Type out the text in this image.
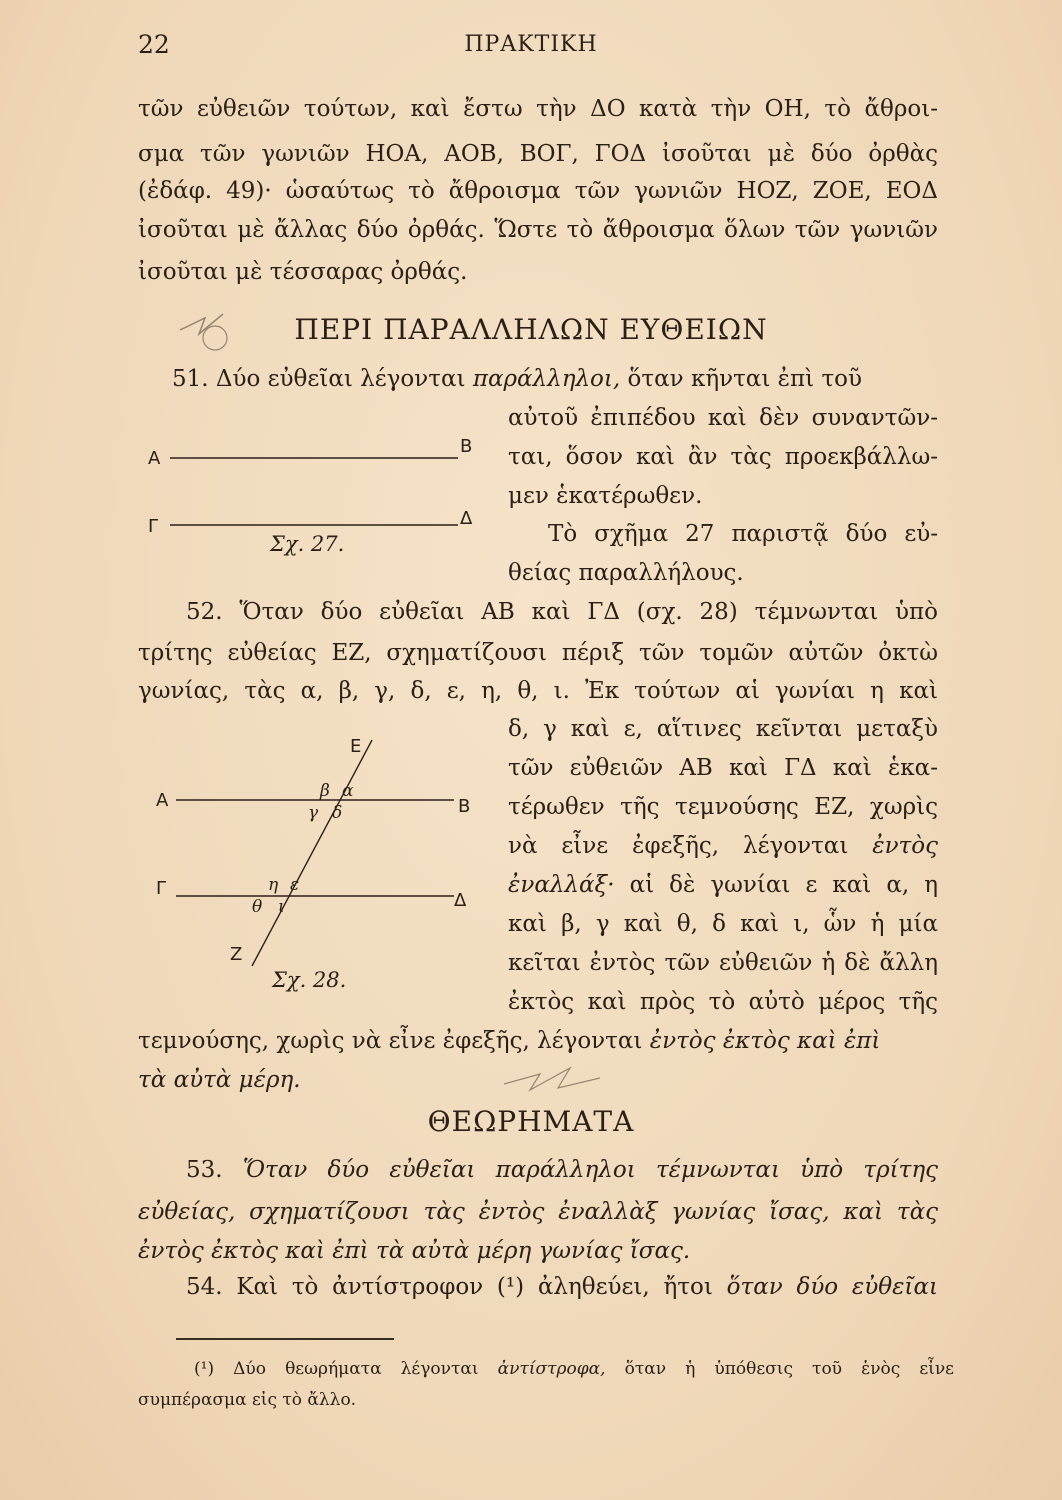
22	ΠΡΑΚΤΙΚΗ
τῶν εὐθειῶν τούτων, καὶ ἔστω τὴν ΔΟ κατὰ τὴν ΟΗ, τὸ ἄθροι-
σμα τῶν γωνιῶν ΗΟΑ, ΑΟΒ, ΒΟΓ, ΓΟΔ ἰσοῦται μὲ δύο ὀρθὰς
(ἐδάφ. 49)· ὡσαύτως τὸ ἄθροισμα τῶν γωνιῶν ΗΟΖ, ΖΟΕ, ΕΟΔ
ἰσοῦται μὲ ἄλλας δύο ὀρθάς. Ὥστε τὸ ἄθροισμα ὅλων τῶν γωνιῶν
ἰσοῦται μὲ τέσσαρας ὀρθάς.
ΠΕΡΙ ΠΑΡΑΛΛΗΛΩΝ ΕΥΘΕΙΩΝ
51. Δύο εὐθεῖαι λέγονται παράλληλοι, ὅταν κῆνται ἐπὶ τοῦ
αὐτοῦ ἐπιπέδου καὶ δὲν συναντῶν-
ται, ὅσον καὶ ἂν τὰς προεκβάλλω-
μεν ἑκατέρωθεν.
Τὸ σχῆμα 27 παριστᾷ δύο εὐ-
θείας παραλλήλους.
Α
Β
Γ	Δ
Σχ. 27.
52. Ὅταν δύο εὐθεῖαι ΑΒ καὶ ΓΔ (σχ. 28) τέμνωνται ὑπὸ
τρίτης εὐθείας ΕΖ, σχηματίζουσι πέριξ τῶν τομῶν αὐτῶν ὀκτὼ
γωνίας, τὰς α, β, γ, δ, ε, η, θ, ι. Ἐκ τούτων αἱ γωνίαι η καὶ
δ, γ καὶ ε, αἵτινες κεῖνται μεταξὺ
τῶν εὐθειῶν ΑΒ καὶ ΓΔ καὶ ἑκα-
τέρωθεν τῆς τεμνούσης ΕΖ, χωρὶς
νὰ εἶνε ἐφεξῆς, λέγονται ἐντὸς
ἐναλλάξ· αἱ δὲ γωνίαι ε καὶ α, η
καὶ β, γ καὶ θ, δ καὶ ι, ὧν ἡ μία
κεῖται ἐντὸς τῶν εὐθειῶν ἡ δὲ ἄλλη
ἐκτὸς καὶ πρὸς τὸ αὐτὸ μέρος τῆς
Α	Β
Γ
Δ
Ε
Ζ
β α
γ δ
η ε
θ ι
Σχ. 28.
τεμνούσης, χωρὶς νὰ εἶνε ἐφεξῆς, λέγονται ἐντὸς ἐκτὸς καὶ ἐπὶ
τὰ αὐτὰ μέρη.
ΘΕΩΡΗΜΑΤΑ
53. Ὅταν δύο εὐθεῖαι παράλληλοι τέμνωνται ὑπὸ τρίτης
εὐθείας, σχηματίζουσι τὰς ἐντὸς ἐναλλὰξ γωνίας ἴσας, καὶ τὰς
ἐντὸς ἐκτὸς καὶ ἐπὶ τὰ αὐτὰ μέρη γωνίας ἴσας.
54. Καὶ τὸ ἀντίστροφον (¹) ἀληθεύει, ἤτοι ὅταν δύο εὐθεῖαι
(¹) Δύο θεωρήματα λέγονται ἀντίστροφα, ὅταν ἡ ὑπόθεσις τοῦ ἑνὸς εἶνε
συμπέρασμα εἰς τὸ ἄλλο.
